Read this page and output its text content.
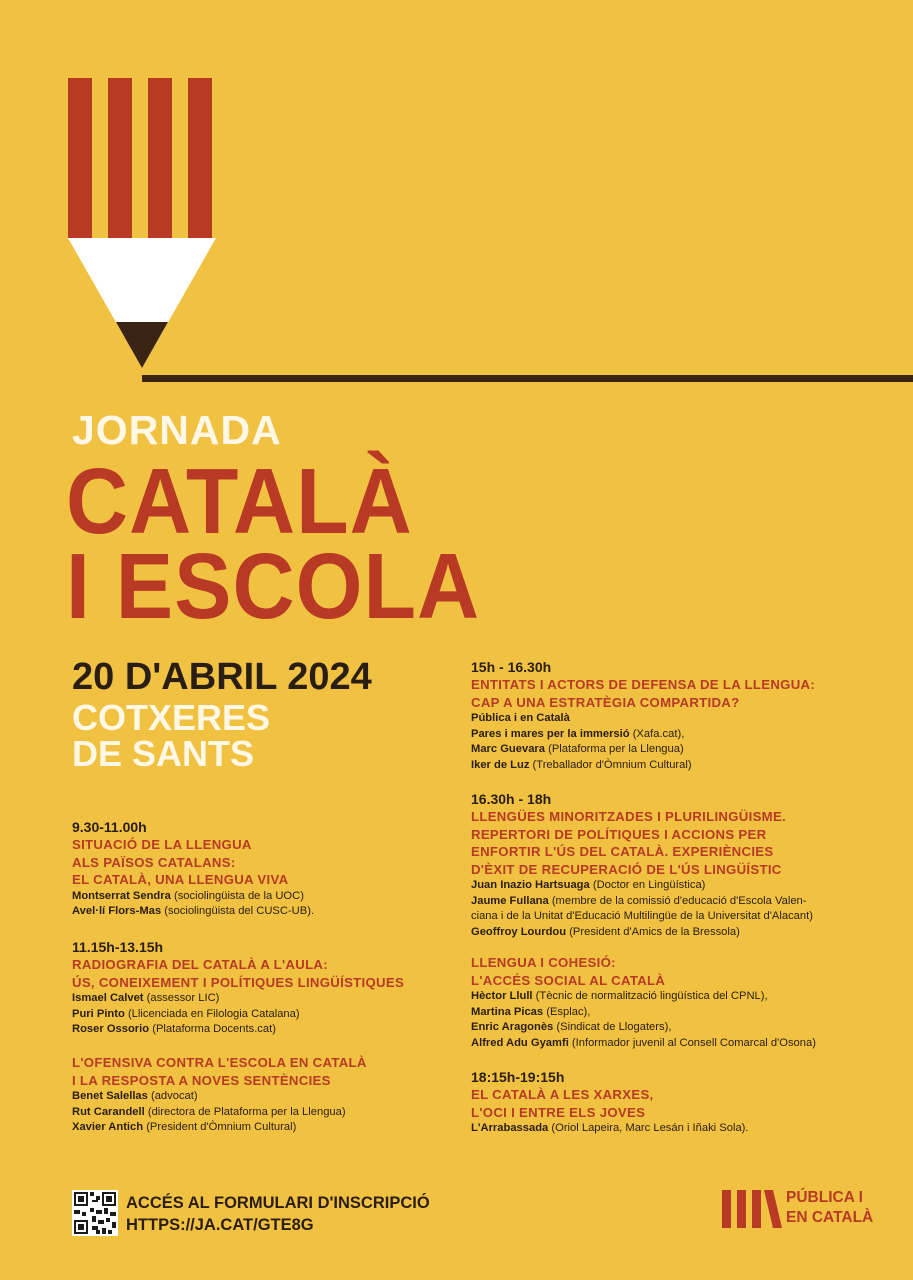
JORNADA
CATALÀ
I ESCOLA
20 D'ABRIL 2024
COTXERES
DE SANTS
9.30-11.00h
SITUACIÓ DE LA LLENGUA
ALS PAÏSOS CATALANS:
EL CATALÀ, UNA LLENGUA VIVA
Montserrat Sendra (sociolingüista de la UOC)
Avel·lí Flors-Mas (sociolingüista del CUSC-UB).
11.15h-13.15h
RADIOGRAFIA DEL CATALÀ A L'AULA:
ÚS, CONEIXEMENT I POLÍTIQUES LINGÜÍSTIQUES
Ismael Calvet (assessor LIC)
Puri Pinto (Llicenciada en Filologia Catalana)
Roser Ossorio (Plataforma Docents.cat)
L'OFENSIVA CONTRA L'ESCOLA EN CATALÀ
I LA RESPOSTA A NOVES SENTÈNCIES
Benet Salellas (advocat)
Rut Carandell (directora de Plataforma per la Llengua)
Xavier Antich (President d'Òmnium Cultural)
15h - 16.30h
ENTITATS I ACTORS DE DEFENSA DE LA LLENGUA:
CAP A UNA ESTRATÈGIA COMPARTIDA?
Pública i en Català
Pares i mares per la immersió (Xafa.cat),
Marc Guevara (Plataforma per la Llengua)
Iker de Luz (Treballador d'Òmnium Cultural)
16.30h - 18h
LLENGÜES MINORITZADES I PLURILINGÜISME.
REPERTORI DE POLÍTIQUES I ACCIONS PER
ENFORTIR L'ÚS DEL CATALÀ. EXPERIÈNCIES
D'ÈXIT DE RECUPERACIÓ DE L'ÚS LINGÜÍSTIC
Juan Inazio Hartsuaga (Doctor en Lingüística)
Jaume Fullana (membre de la comissió d'educació d'Escola Valen-
ciana i de la Unitat d'Educació Multilingüe de la Universitat d'Alacant)
Geoffroy Lourdou (President d'Amics de la Bressola)
LLENGUA I COHESIÓ:
L'ACCÉS SOCIAL AL CATALÀ
Hèctor Llull (Tècnic de normalització lingüística del CPNL),
Martina Picas (Esplac),
Enric Aragonès (Sindicat de Llogaters),
Alfred Adu Gyamfi (Informador juvenil al Consell Comarcal d'Osona)
18:15h-19:15h
EL CATALÀ A LES XARXES,
L'OCI I ENTRE ELS JOVES
L'Arrabassada (Oriol Lapeira, Marc Lesán i Iñaki Sola).
ACCÉS AL FORMULARI D'INSCRIPCIÓ
HTTPS://JA.CAT/GTE8G
PÚBLICA I
EN CATALÀ
